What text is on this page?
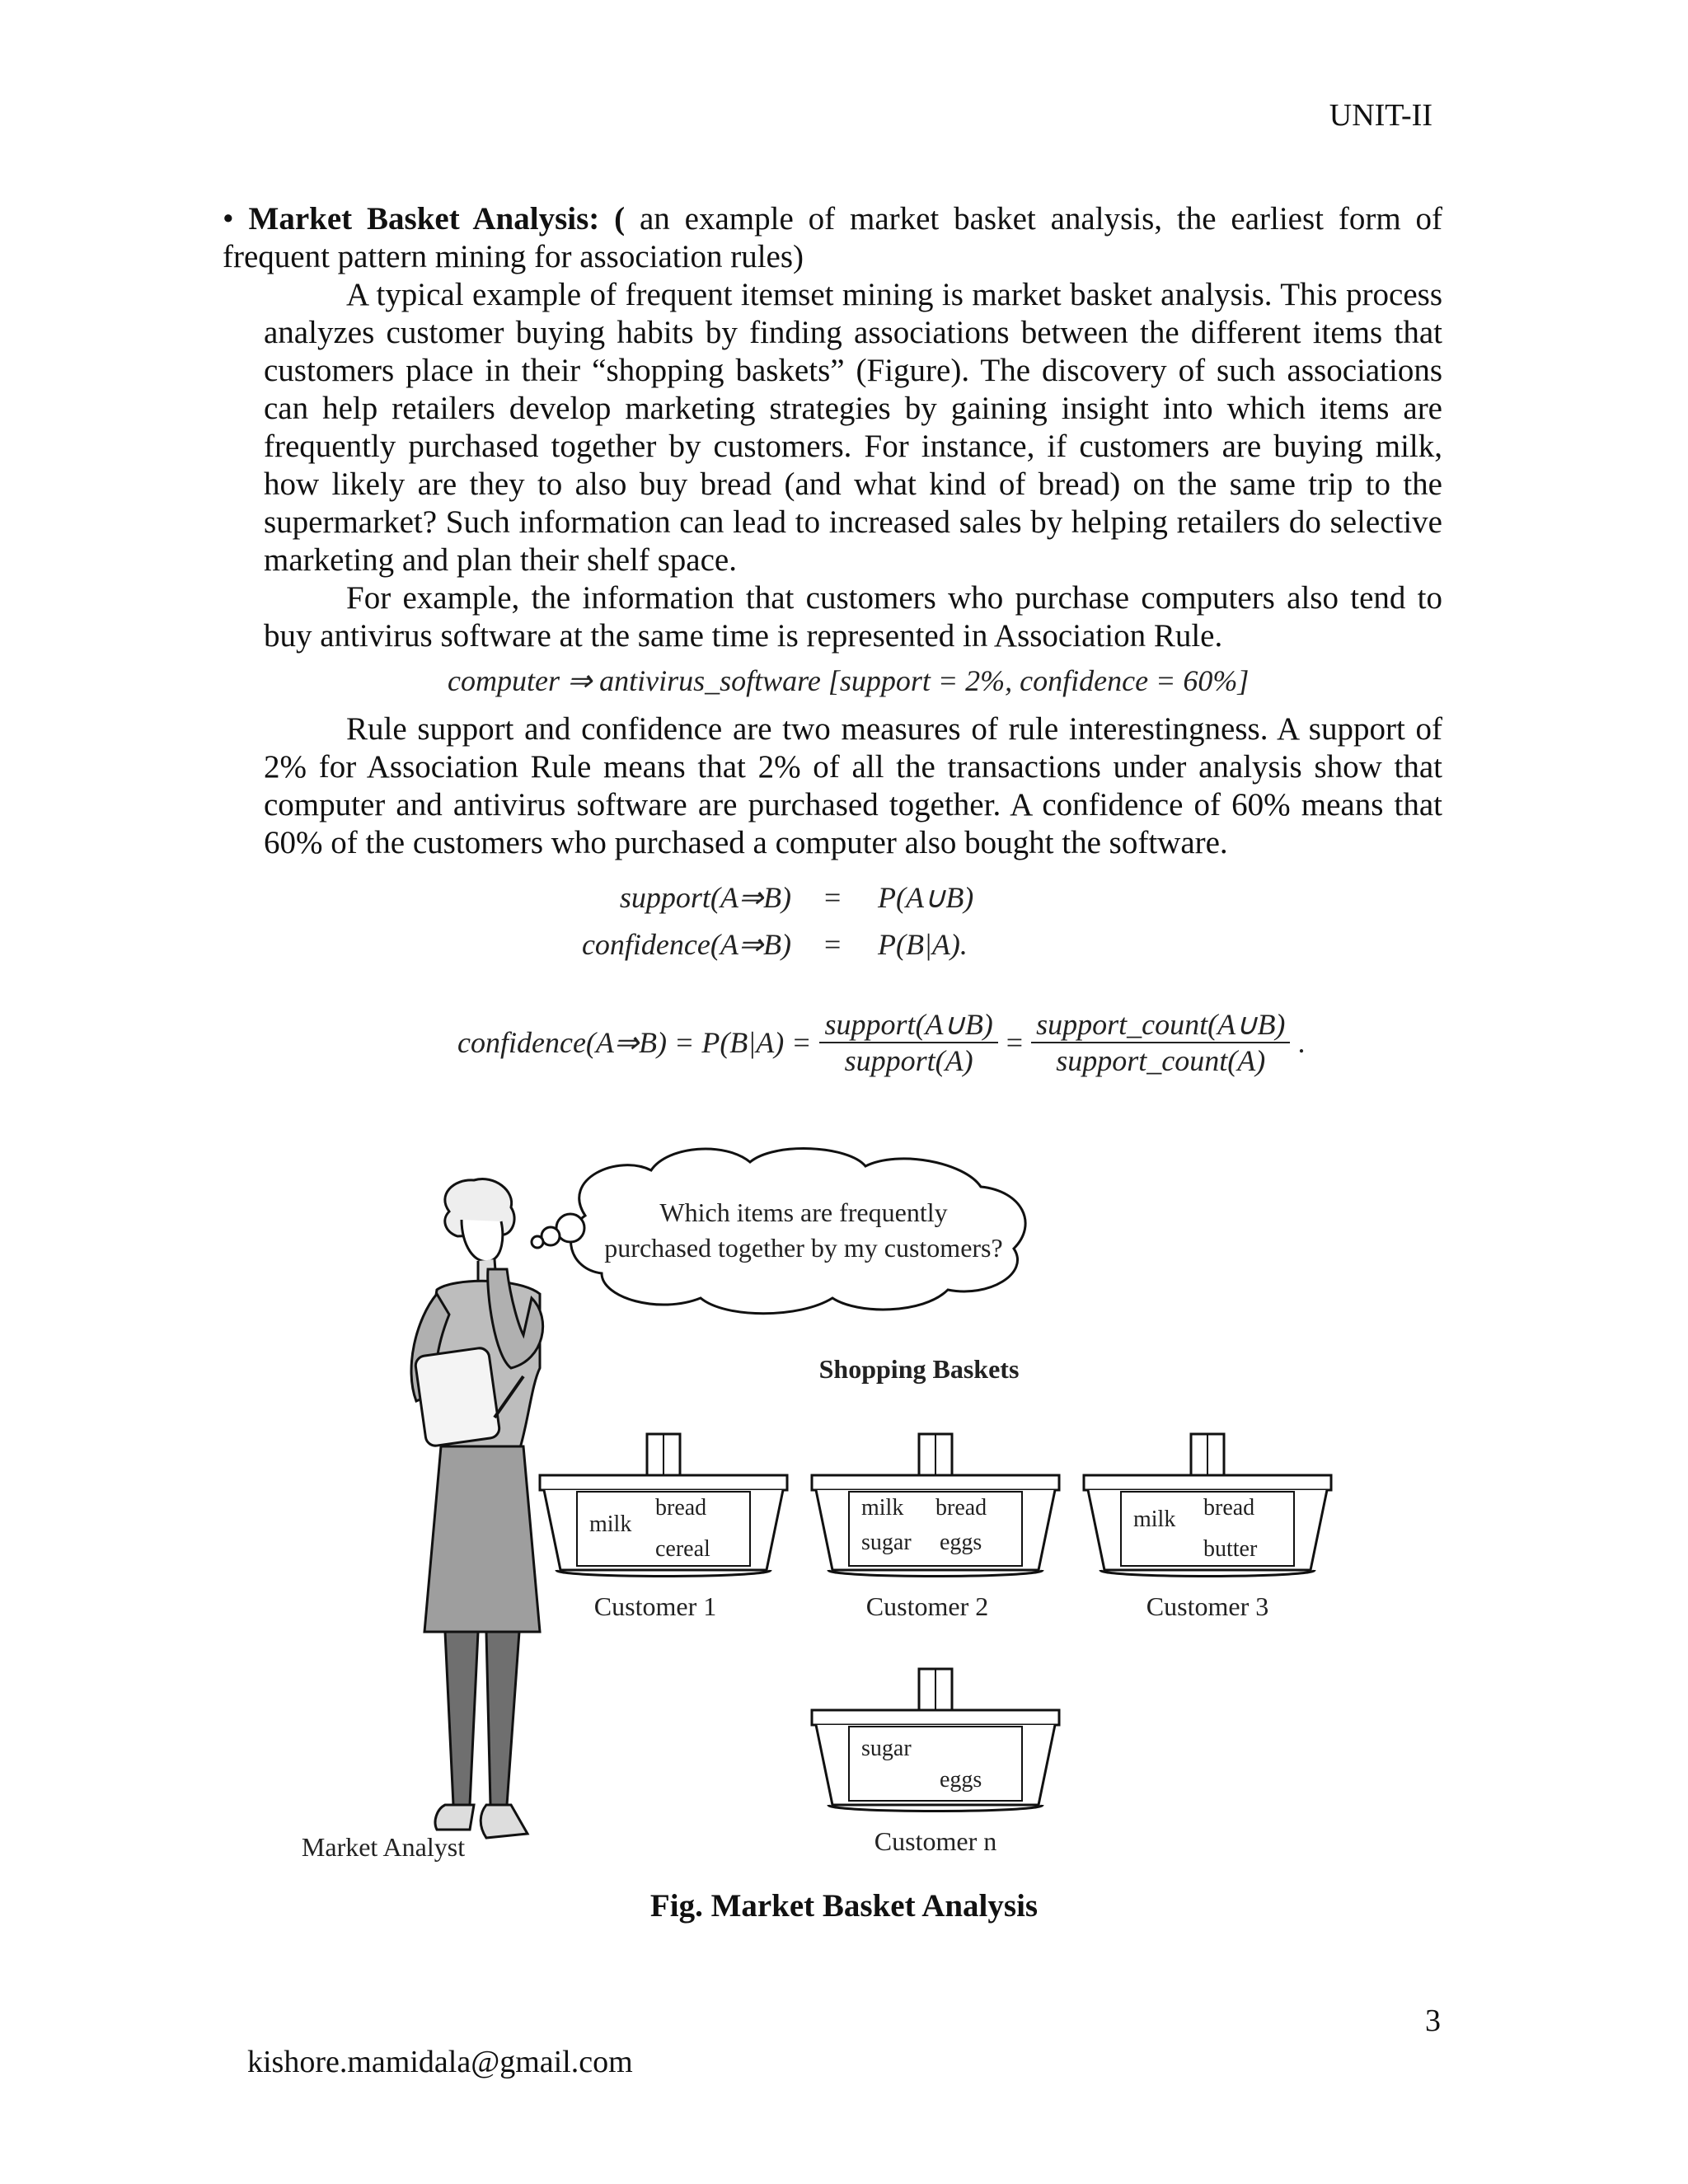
UNIT-II
• Market Basket Analysis: ( an example of market basket analysis, the earliest form of frequent pattern mining for association rules)
A typical example of frequent itemset mining is market basket analysis. This process analyzes customer buying habits by finding associations between the different items that customers place in their “shopping baskets” (Figure). The discovery of such associations can help retailers develop marketing strategies by gaining insight into which items are frequently purchased together by customers. For instance, if customers are buying milk, how likely are they to also buy bread (and what kind of bread) on the same trip to the supermarket? Such information can lead to increased sales by helping retailers do selective marketing and plan their shelf space.
For example, the information that customers who purchase computers also tend to buy antivirus software at the same time is represented in Association Rule.
computer ⇒ antivirus_software [support = 2%, confidence = 60%]
Rule support and confidence are two measures of rule interestingness. A support of 2% for Association Rule means that 2% of all the transactions under analysis show that computer and antivirus software are purchased together. A confidence of 60% means that 60% of the customers who purchased a computer also bought the software.
support(A⇒B) = P(A∪B)
confidence(A⇒B) = P(B|A).
confidence(A⇒B) = $P(B|A) = \frac{\text{support(A∪B)}}{\text{support(A)}} = \frac{\text{support\_count(A∪B)}}{\text{support\_count(A)}}$ .
Which items are frequently
purchased together by my customers?
Market Analyst
Shopping Baskets
milk
bread
cereal
Customer 1
milk bread
sugar eggs
Customer 2
milk bread
butter
Customer 3
sugar
eggs
Customer n
Fig. Market Basket Analysis
3
kishore.mamidala@gmail.com
